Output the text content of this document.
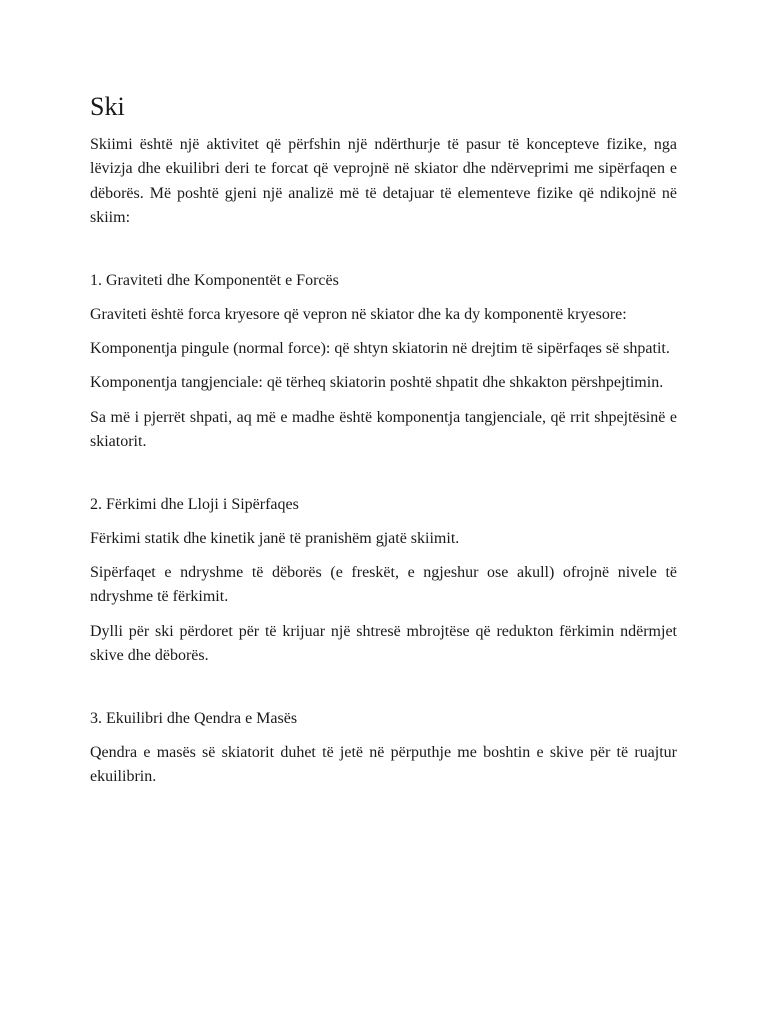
Ski

Skiimi është një aktivitet që përfshin një ndërthurje të pasur të koncepteve fizike, nga lëvizja dhe ekuilibri deri te forcat që veprojnë në skiator dhe ndërveprimi me sipërfaqen e dëborës. Më poshtë gjeni një analizë më të detajuar të elementeve fizike që ndikojnë në skiim:

1. Graviteti dhe Komponentët e Forcës

Graviteti është forca kryesore që vepron në skiator dhe ka dy komponentë kryesore:

Komponentja pingule (normal force): që shtyn skiatorin në drejtim të sipërfaqes së shpatit.

Komponentja tangjenciale: që tërheq skiatorin poshtë shpatit dhe shkakton përshpejtimin.

Sa më i pjerrët shpati, aq më e madhe është komponentja tangjenciale, që rrit shpejtësinë e skiatorit.

2. Fërkimi dhe Lloji i Sipërfaqes

Fërkimi statik dhe kinetik janë të pranishëm gjatë skiimit.

Sipërfaqet e ndryshme të dëborës (e freskët, e ngjeshur ose akull) ofrojnë nivele të ndryshme të fërkimit.

Dylli për ski përdoret për të krijuar një shtresë mbrojtëse që redukton fërkimin ndërmjet skive dhe dëborës.

3. Ekuilibri dhe Qendra e Masës

Qendra e masës së skiatorit duhet të jetë në përputhje me boshtin e skive për të ruajtur ekuilibrin.
